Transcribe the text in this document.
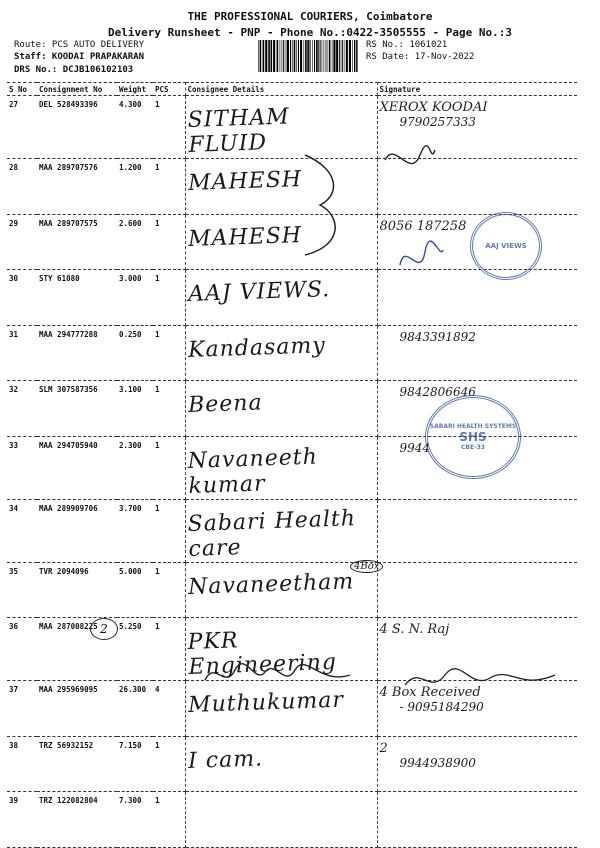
THE PROFESSIONAL COURIERS, Coimbatore
Delivery Runsheet - PNP - Phone No.:0422-3505555 - Page No.:3
Route: PCS AUTO DELIVERY
Staff: KOODAI PRAPAKARAN
DRS No.: DCJB106102103
RS No.: 1061021
RS Date: 17-Nov-2022
S No	Consignment No	Weight	PCS	Consignee Details	Signature
27	DEL 528493396	4.300	1	SITHAM FLUID	XEROX KOODAI
9790257333

28	MAA 289707576	1.200	1	MAHESH	

29	MAA 289707575	2.600	1	MAHESH	8056 187258

30	STY 61080	3.000	1	AAJ VIEWS.	

31	MAA 294777288	0.250	1	Kandasamy	9843391892

32	SLM 307587356	3.100	1	Beena	9842806646

33	MAA 294705940	2.300	1	Navaneeth kumar	9944

34	MAA 289909706	3.700	1	Sabari Health care	

35	TVR 2094096	5.000	1	Navaneetham	

36	MAA 287008225	5.250	1	PKR Engineering	4 S. N. Raj

37	MAA 295969095	26.300	4	Muthukumar	4 Box Received
- 9095184290

38	TRZ 56932152	7.150	1	I cam.	2
9944938900

39	TRZ 122082804	7.300	1	

2
4Box
AAJ VIEWS
SABARI HEALTH SYSTEMS
SHS
CBE-33
